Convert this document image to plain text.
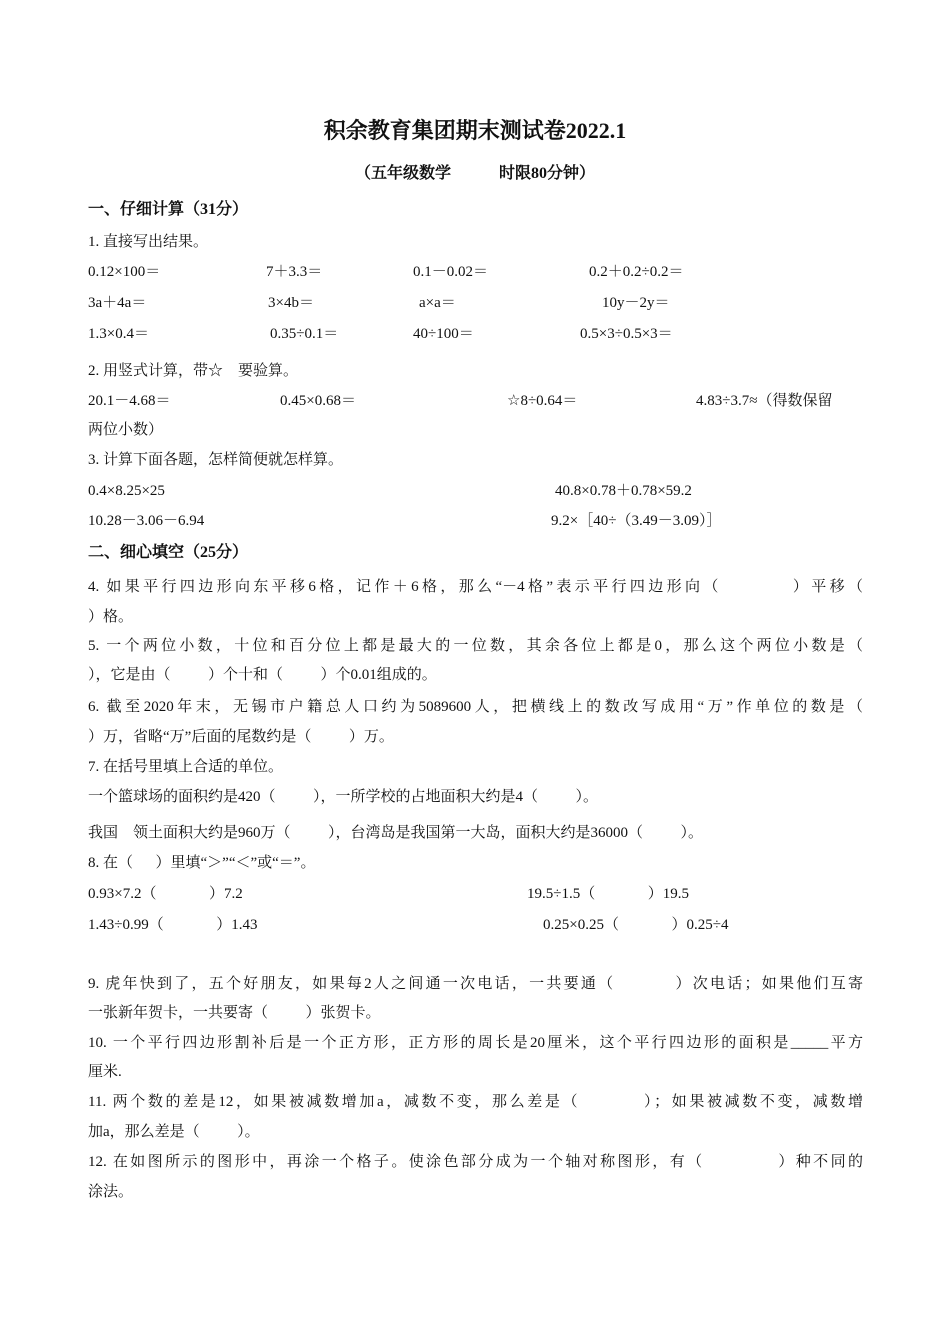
积余教育集团期末测试卷2022.1
（五年级数学            时限80分钟）
一、仔细计算（31分）
1. 直接写出结果。
0.12×100＝	7＋3.3＝	0.1－0.02＝	0.2＋0.2÷0.2＝
3a＋4a＝	3×4b＝	a×a＝	10y－2y＝
1.3×0.4＝	0.35÷0.1＝	40÷100＝	0.5×3÷0.5×3＝
2. 用竖式计算，带☆    要验算。
20.1－4.68＝	0.45×0.68＝	☆8÷0.64＝	4.83÷3.7≈（得数保留
两位小数）
3. 计算下面各题，怎样简便就怎样算。
0.4×8.25×25	40.8×0.78＋0.78×59.2
10.28－3.06－6.94	9.2×［40÷（3.49－3.09）］
二、细心填空（25分）
4. 如果平行四边形向东平移6格，记作＋6格，那么“－4格”表示平行四边形向（          ）平移（
）格。
5. 一个两位小数，十位和百分位上都是最大的一位数，其余各位上都是0，那么这个两位小数是（
），它是由（          ）个十和（          ）个0.01组成的。
6. 截至2020年末，无锡市户籍总人口约为5089600人，把横线上的数改写成用“万”作单位的数是（
）万，省略“万”后面的尾数约是（          ）万。
7. 在括号里填上合适的单位。
一个篮球场的面积约是420（          ），一所学校的占地面积大约是4（          ）。
我国    领土面积大约是960万（          ），台湾岛是我国第一大岛，面积大约是36000（          ）。
8. 在（      ）里填“＞”“＜”或“＝”。
0.93×7.2（              ）7.2	19.5÷1.5（              ）19.5
1.43÷0.99（              ）1.43	0.25×0.25（              ）0.25÷4
9. 虎年快到了，五个好朋友，如果每2人之间通一次电话，一共要通（          ）次电话；如果他们互寄
一张新年贺卡，一共要寄（          ）张贺卡。
10. 一个平行四边形割补后是一个正方形，正方形的周长是20厘米，这个平行四边形的面积是_____平方
厘米.
11. 两个数的差是12，如果被减数增加a，减数不变，那么差是（          ）；如果被减数不变，减数增
加a，那么差是（          ）。
12. 在如图所示的图形中，再涂一个格子。使涂色部分成为一个轴对称图形，有（            ）种不同的
涂法。
